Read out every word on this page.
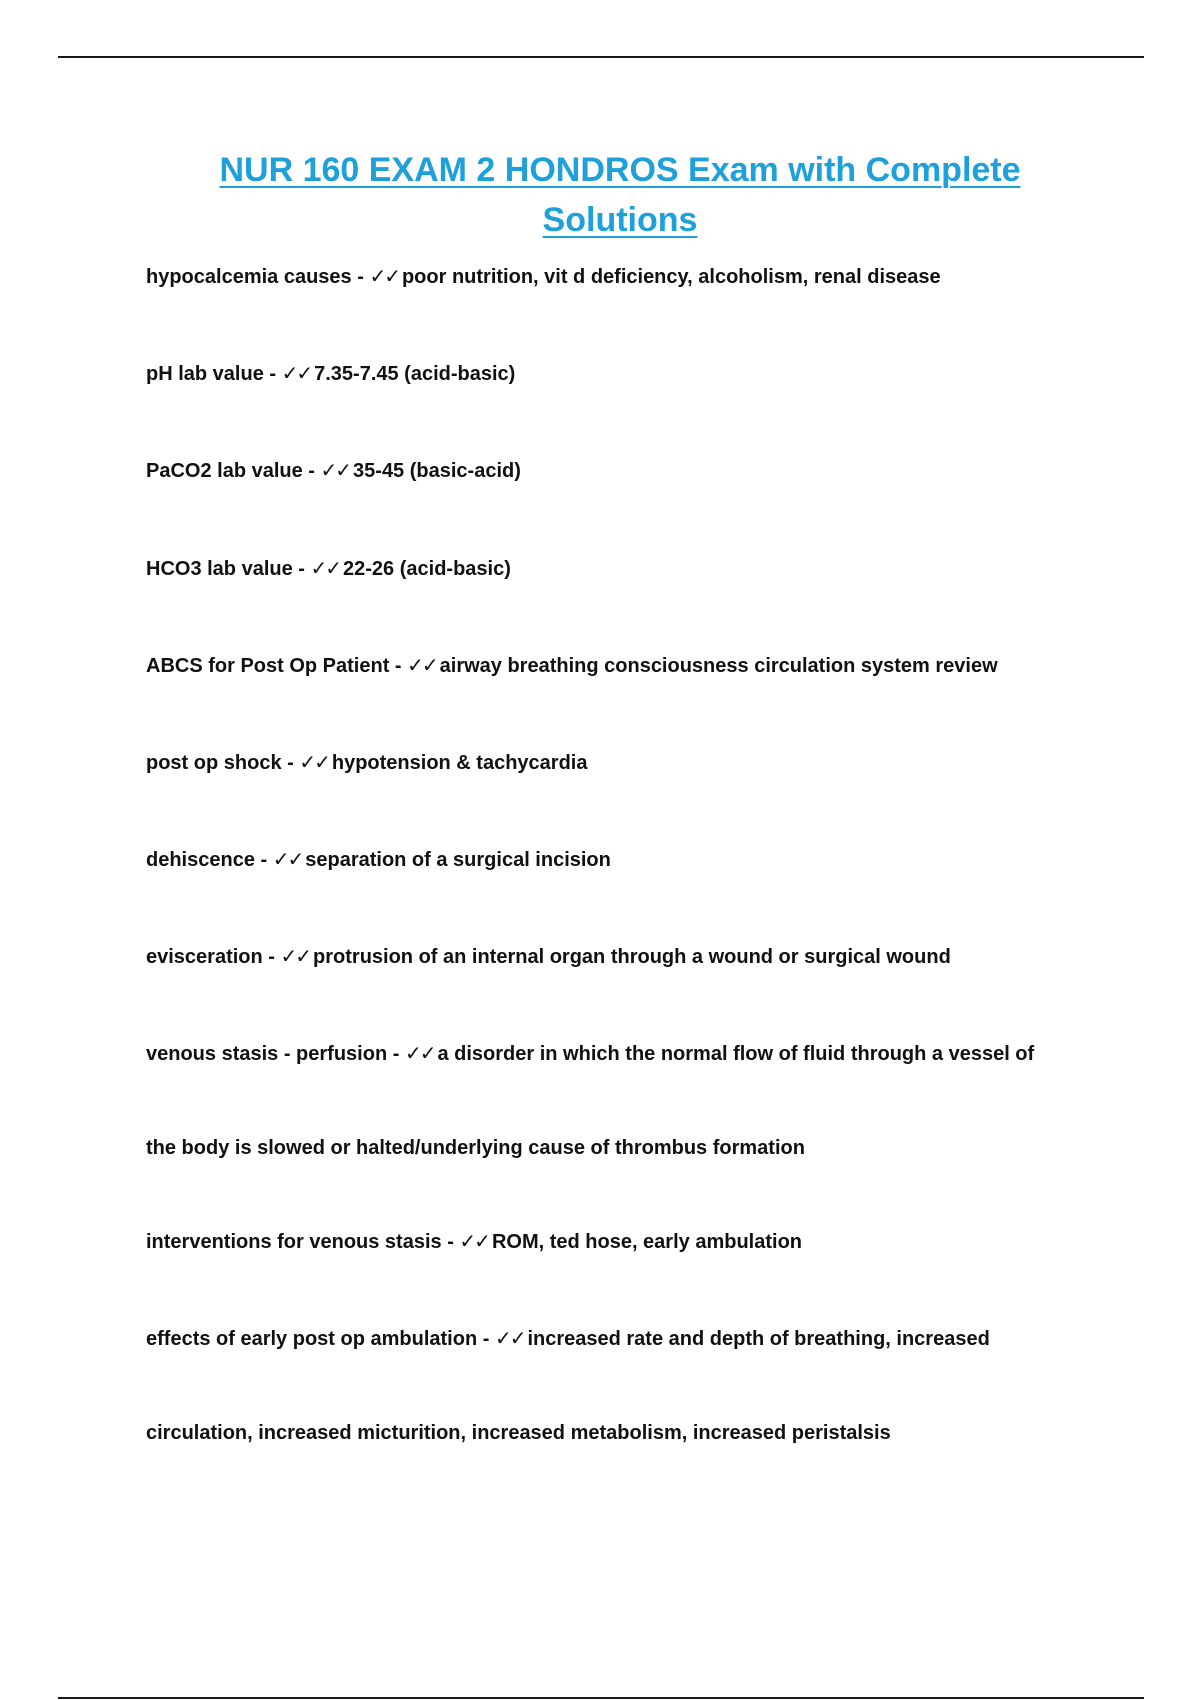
NUR 160 EXAM 2 HONDROS Exam with Complete
Solutions

hypocalcemia causes - ✓✓ poor nutrition, vit d deficiency, alcoholism, renal disease

pH lab value - ✓✓ 7.35-7.45 (acid-basic)

PaCO2 lab value - ✓✓ 35-45 (basic-acid)

HCO3 lab value - ✓✓ 22-26 (acid-basic)

ABCS for Post Op Patient - ✓✓ airway breathing consciousness circulation system review

post op shock - ✓✓ hypotension & tachycardia

dehiscence - ✓✓ separation of a surgical incision

evisceration - ✓✓ protrusion of an internal organ through a wound or surgical wound

venous stasis - perfusion - ✓✓ a disorder in which the normal flow of fluid through a vessel of

the body is slowed or halted/underlying cause of thrombus formation

interventions for venous stasis - ✓✓ ROM, ted hose, early ambulation

effects of early post op ambulation - ✓✓ increased rate and depth of breathing, increased

circulation, increased micturition, increased metabolism, increased peristalsis
